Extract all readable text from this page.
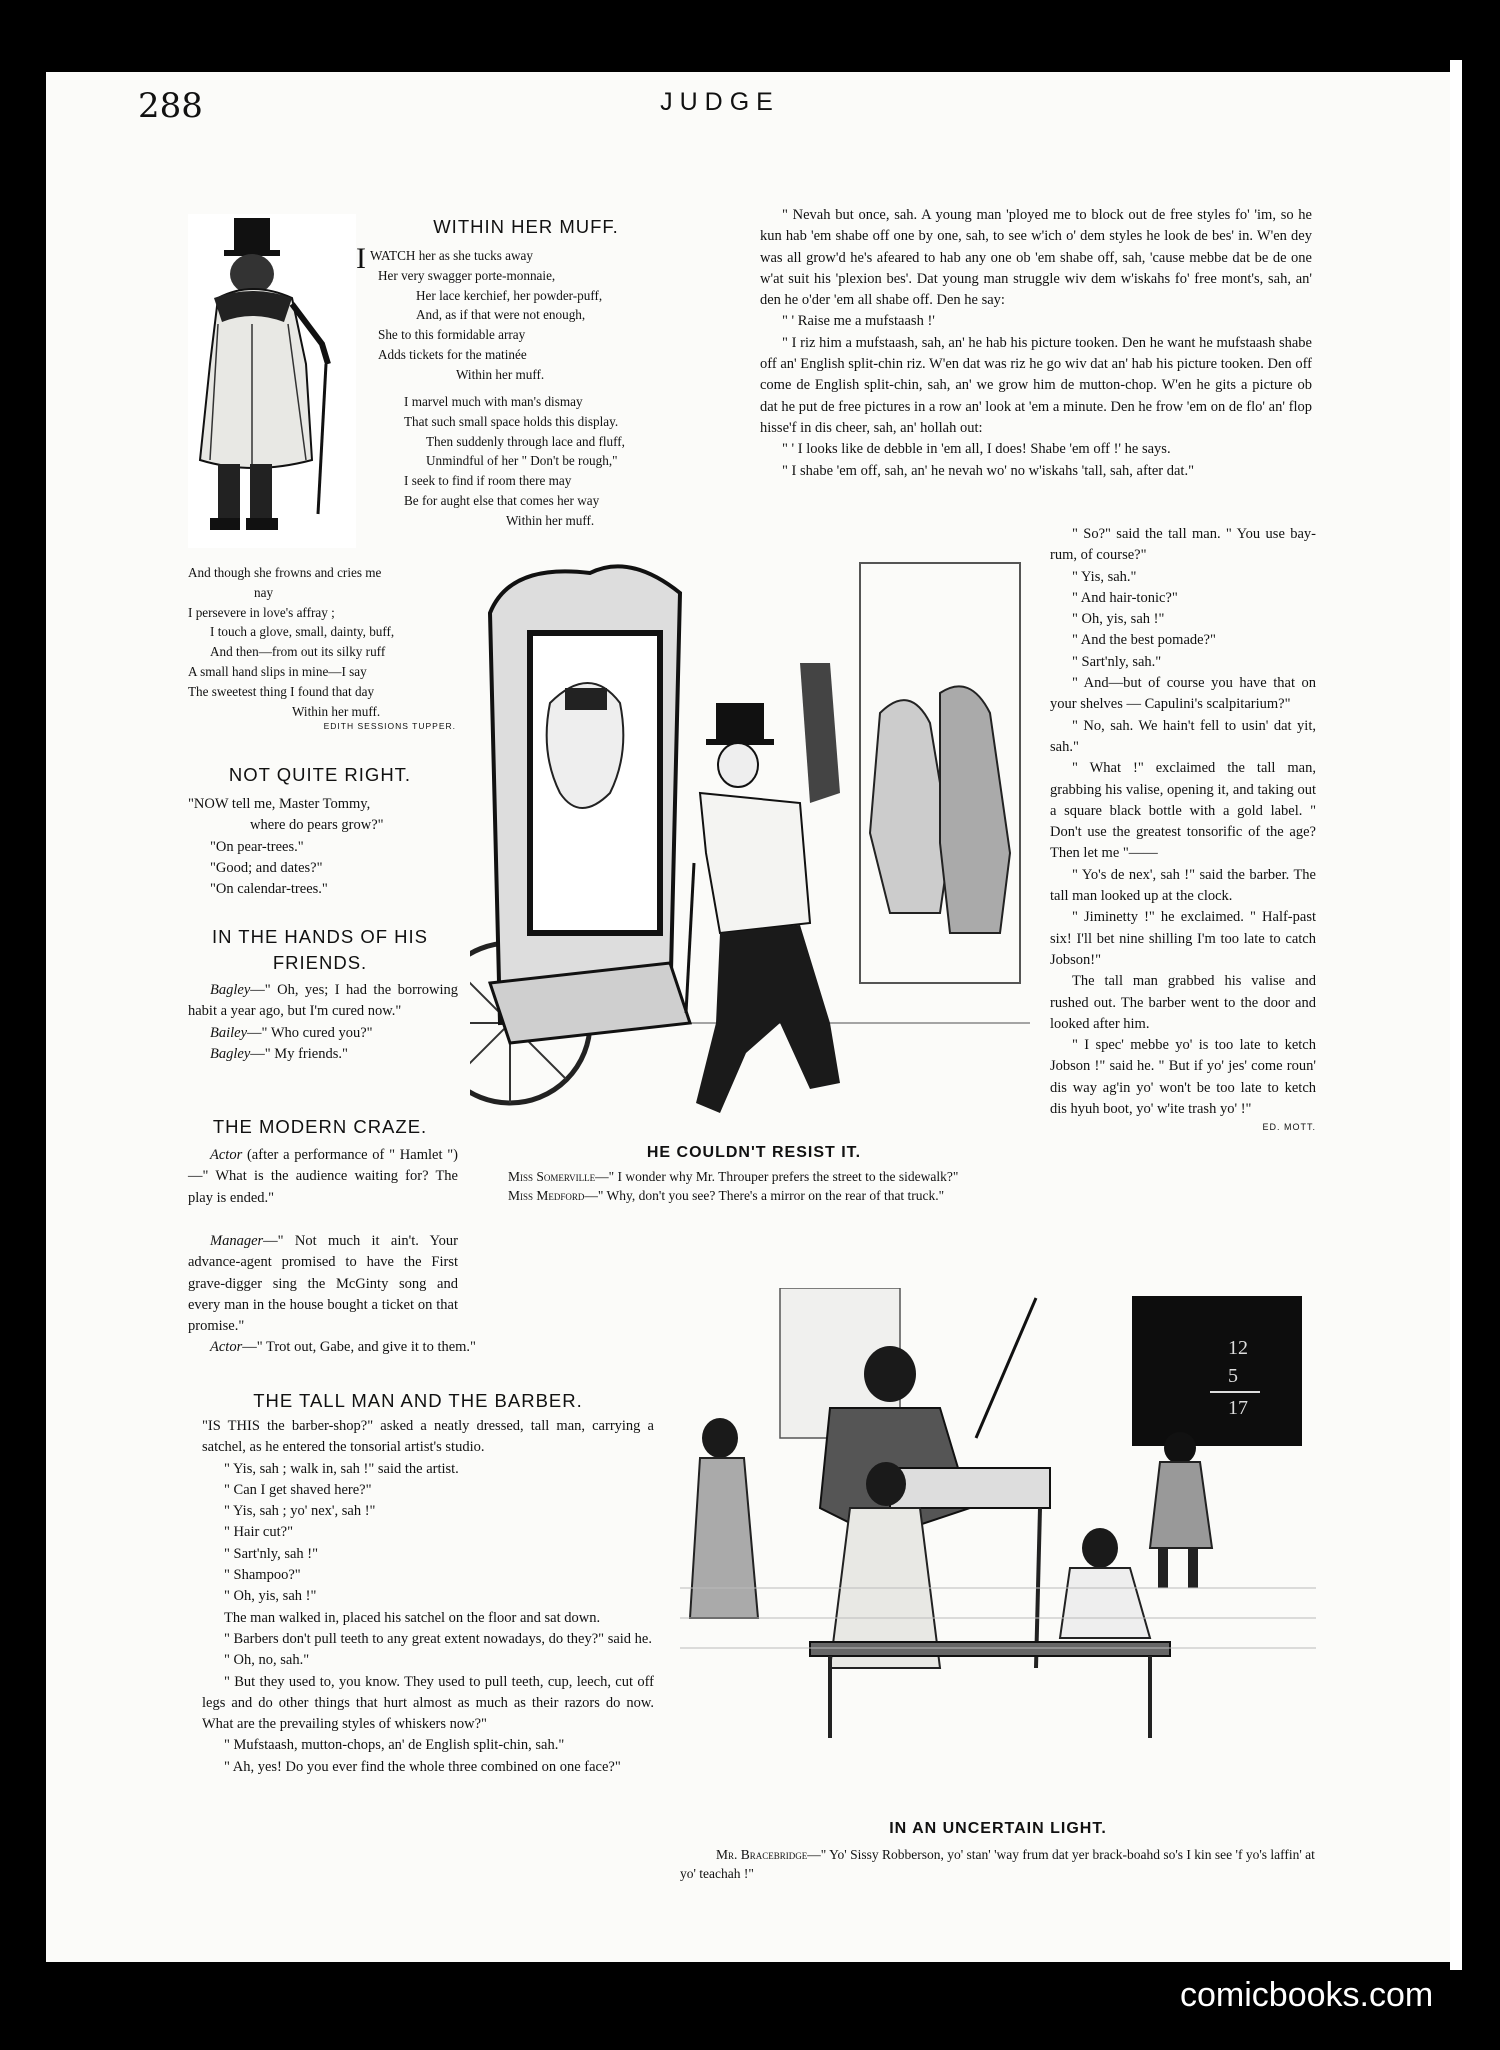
288	JUDGE
WITHIN HER MUFF.
I WATCH her as she tucks away

Her very swagger porte-monnaie,

Her lace kerchief, her powder-puff,

And, as if that were not enough,

She to this formidable array

Adds tickets for the matinée

Within her muff.

I marvel much with man's dismay

That such small space holds this display.

Then suddenly through lace and fluff,

Unmindful of her " Don't be rough,"

I seek to find if room there may

Be for aught else that comes her way

Within her muff.

And though she frowns and cries me

nay

I persevere in love's affray ;

I touch a glove, small, dainty, buff,

And then—from out its silky ruff

A small hand slips in mine—I say

The sweetest thing I found that day

Within her muff.

EDITH SESSIONS TUPPER.
NOT QUITE RIGHT.

"NOW tell me, Master Tommy,

where do pears grow?"

"On pear-trees."

"Good; and dates?"

"On calendar-trees."

IN THE HANDS OF HIS
FRIENDS.

Bagley—" Oh, yes; I had the borrowing habit a year ago, but I'm cured now."

Bailey—" Who cured you?"

Bagley—" My friends."

THE MODERN CRAZE.

Actor (after a performance of " Hamlet ")—" What is the audience waiting for? The play is ended."

Manager—" Not much it ain't. Your advance-agent promised to have the First grave-digger sing the McGinty song and every man in the house bought a ticket on that promise."

Actor—" Trot out, Gabe, and give it to them."

THE TALL MAN AND THE BARBER.

"IS THIS the barber-shop?" asked a neatly dressed, tall man, carrying a satchel, as he entered the tonsorial artist's studio.

" Yis, sah ; walk in, sah !" said the artist.

" Can I get shaved here?"

" Yis, sah ; yo' nex', sah !"

" Hair cut?"

" Sart'nly, sah !"

" Shampoo?"

" Oh, yis, sah !"

The man walked in, placed his satchel on the floor and sat down.

" Barbers don't pull teeth to any great extent nowadays, do they?" said he.

" Oh, no, sah."

" But they used to, you know. They used to pull teeth, cup, leech, cut off legs and do other things that hurt almost as much as their razors do now. What are the prevailing styles of whiskers now?"

" Mufstaash, mutton-chops, an' de English split-chin, sah."

" Ah, yes! Do you ever find the whole three combined on one face?"

" Nevah but once, sah. A young man 'ployed me to block out de free styles fo' 'im, so he kun hab 'em shabe off one by one, sah, to see w'ich o' dem styles he look de bes' in. W'en dey was all grow'd he's afeared to hab any one ob 'em shabe off, sah, 'cause mebbe dat be de one w'at suit his 'plexion bes'. Dat young man struggle wiv dem w'iskahs fo' free mont's, sah, an' den he o'der 'em all shabe off. Den he say:

" ' Raise me a mufstaash !'

" I riz him a mufstaash, sah, an' he hab his picture tooken. Den he want he mufstaash shabe off an' English split-chin riz. W'en dat was riz he go wiv dat an' hab his picture tooken. Den off come de English split-chin, sah, an' we grow him de mutton-chop. W'en he gits a picture ob dat he put de free pictures in a row an' look at 'em a minute. Den he frow 'em on de flo' an' flop hisse'f in dis cheer, sah, an' hollah out:

" ' I looks like de debble in 'em all, I does! Shabe 'em off !' he says.

" I shabe 'em off, sah, an' he nevah wo' no w'iskahs 'tall, sah, after dat."

" So?" said the tall man. " You use bay-rum, of course?"

" Yis, sah."

" And hair-tonic?"

" Oh, yis, sah !"

" And the best pomade?"

" Sart'nly, sah."

" And—but of course you have that on your shelves — Capulini's scalpitarium?"

" No, sah. We hain't fell to usin' dat yit, sah."

" What !" exclaimed the tall man, grabbing his valise, opening it, and taking out a square black bottle with a gold label. " Don't use the greatest tonsorific of the age? Then let me "——

" Yo's de nex', sah !" said the barber. The tall man looked up at the clock.

" Jiminetty !" he exclaimed. " Half-past six! I'll bet nine shilling I'm too late to catch Jobson!"

The tall man grabbed his valise and rushed out. The barber went to the door and looked after him.

" I spec' mebbe yo' is too late to ketch Jobson !" said he. " But if yo' jes' come roun' dis way ag'in yo' won't be too late to ketch dis hyuh boot, yo' w'ite trash yo' !"

ED. MOTT.
HE COULDN'T RESIST IT.

Miss Somerville—" I wonder why Mr. Throuper prefers the street to the sidewalk?"

Miss Medford—" Why, don't you see? There's a mirror on the rear of that truck."

12
5
17
IN AN UNCERTAIN LIGHT.

Mr. Bracebridge—" Yo' Sissy Robberson, yo' stan' 'way frum dat yer brack-boahd so's I kin see 'f yo's laffin' at yo' teachah !"

comicbooks.com
